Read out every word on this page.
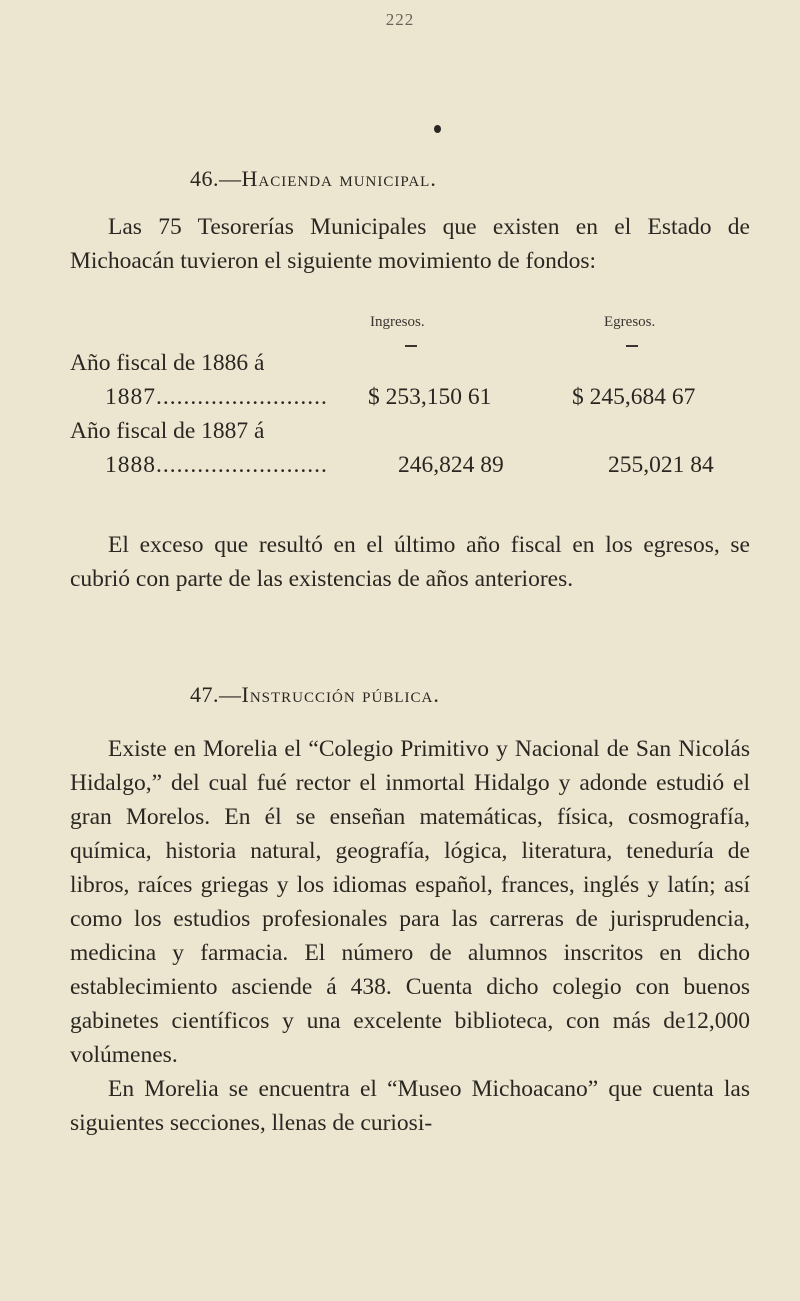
222
46.—Hacienda municipal.

Las 75 Tesorerías Municipales que existen en el Estado de Michoacán tuvieron el siguiente movimiento de fondos:

Ingresos.	Egresos.
Año fiscal de 1886 á
1887......................... $ 253,150 61	$ 245,684 67
Año fiscal de 1887 á
1888.........................	246,824 89	255,021 84

El exceso que resultó en el último año fiscal en los egresos, se cubrió con parte de las existencias de años anteriores.

47.—Instrucción pública.

Existe en Morelia el “Colegio Primitivo y Nacional de San Nicolás Hidalgo,” del cual fué rector el inmortal Hidalgo y adonde estudió el gran Morelos. En él se enseñan matemáticas, física, cosmografía, química, historia natural, geografía, lógica, literatura, teneduría de libros, raíces griegas y los idiomas español, frances, inglés y latín; así como los estudios profesionales para las carreras de jurisprudencia, medicina y farmacia. El número de alumnos inscritos en dicho establecimiento asciende á 438. Cuenta dicho colegio con buenos gabinetes científicos y una excelente biblioteca, con más de12,000 volúmenes.

En Morelia se encuentra el “Museo Michoacano” que cuenta las siguientes secciones, llenas de curiosi-
